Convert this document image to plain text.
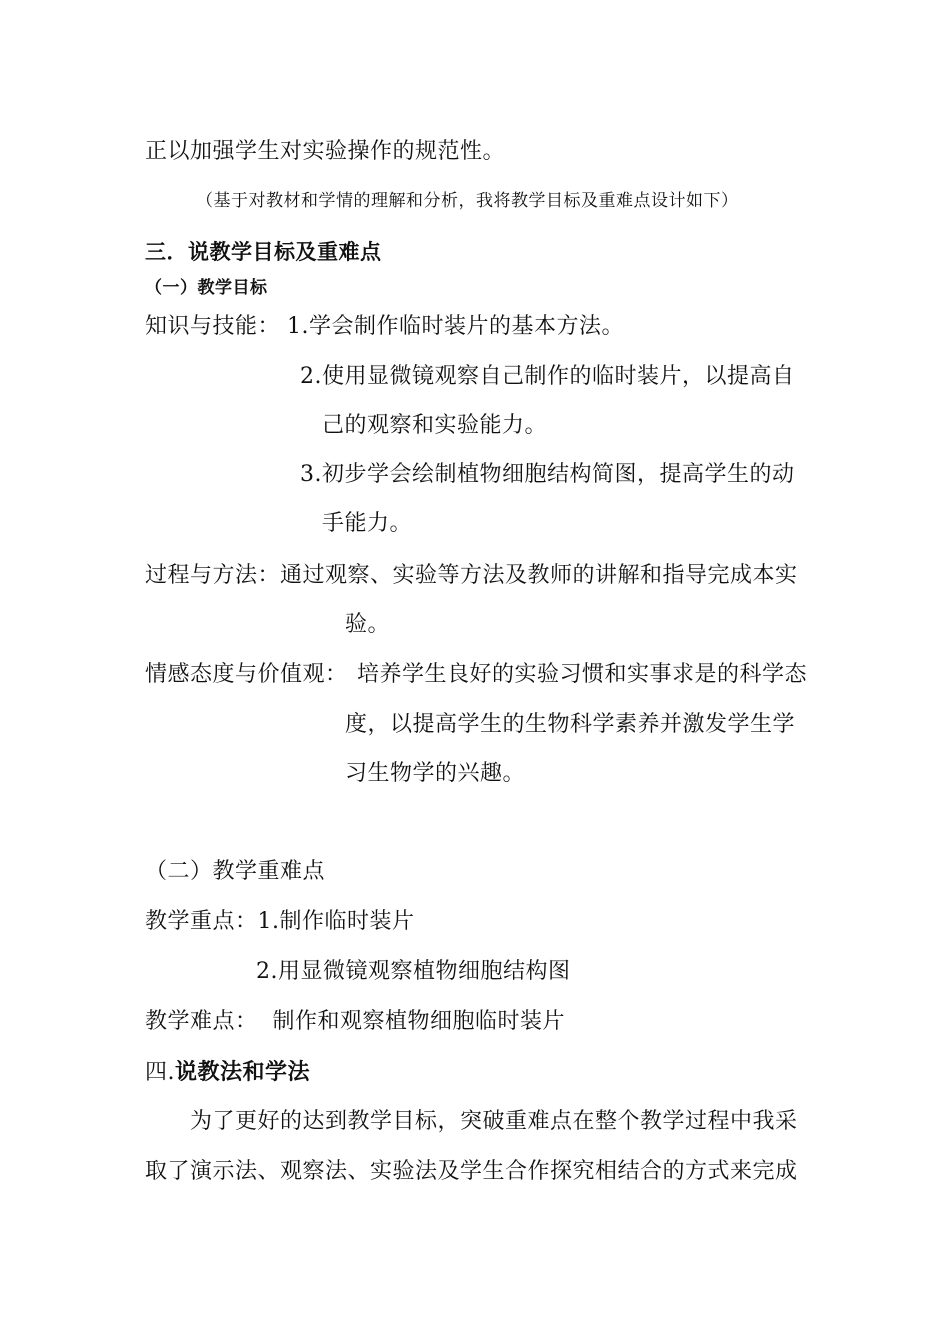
正以加强学生对实验操作的规范性。
（基于对教材和学情的理解和分析，我将教学目标及重难点设计如下）
三．说教学目标及重难点
（一）教学目标
知识与技能： 1.学会制作临时装片的基本方法。
2.使用显微镜观察自己制作的临时装片，以提高自
己的观察和实验能力。
3.初步学会绘制植物细胞结构简图，提高学生的动
手能力。
过程与方法：通过观察、实验等方法及教师的讲解和指导完成本实
验。
情感态度与价值观： 培养学生良好的实验习惯和实事求是的科学态
度，以提高学生的生物科学素养并激发学生学
习生物学的兴趣。
（二）教学重难点
教学重点：1.制作临时装片
2.用显微镜观察植物细胞结构图
教学难点：  制作和观察植物细胞临时装片
四.说教法和学法
为了更好的达到教学目标，突破重难点在整个教学过程中我采
取了演示法、观察法、实验法及学生合作探究相结合的方式来完成
